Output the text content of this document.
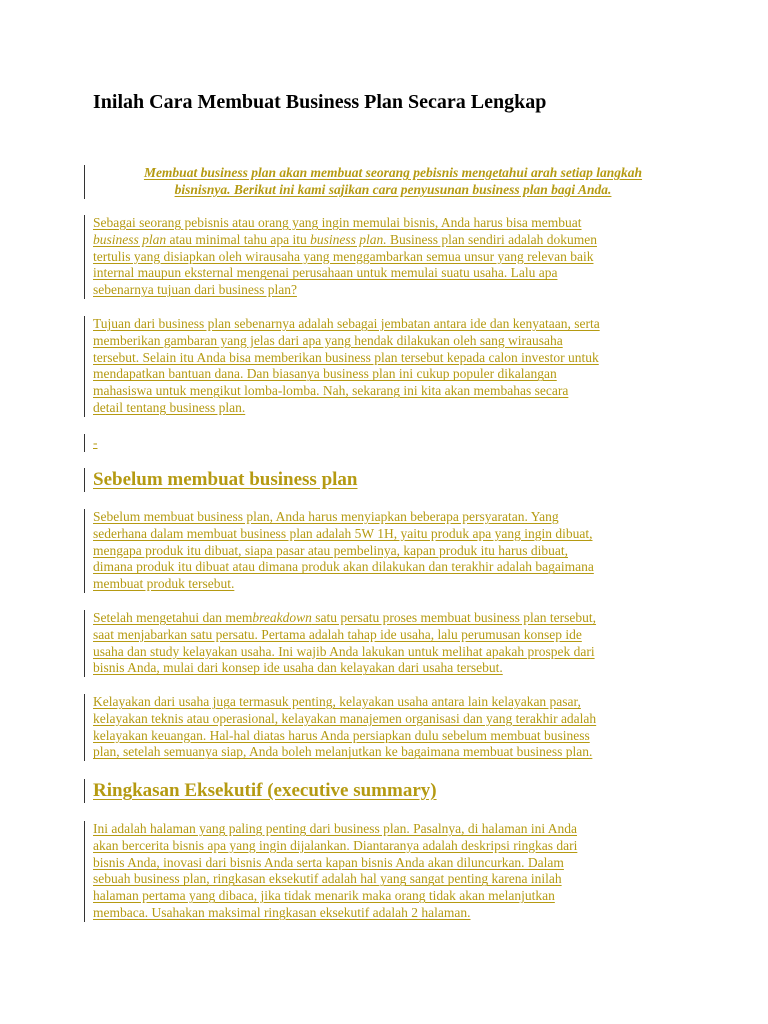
Inilah Cara Membuat Business Plan Secara Lengkap

Membuat business plan akan membuat seorang pebisnis mengetahui arah setiap langkah
bisnisnya. Berikut ini kami sajikan cara penyusunan business plan bagi Anda.

Sebagai seorang pebisnis atau orang yang ingin memulai bisnis, Anda harus bisa membuat
business plan atau minimal tahu apa itu business plan. Business plan sendiri adalah dokumen
tertulis yang disiapkan oleh wirausaha yang menggambarkan semua unsur yang relevan baik
internal maupun eksternal mengenai perusahaan untuk memulai suatu usaha. Lalu apa
sebenarnya tujuan dari business plan?

Tujuan dari business plan sebenarnya adalah sebagai jembatan antara ide dan kenyataan, serta
memberikan gambaran yang jelas dari apa yang hendak dilakukan oleh sang wirausaha
tersebut. Selain itu Anda bisa memberikan business plan tersebut kepada calon investor untuk
mendapatkan bantuan dana. Dan biasanya business plan ini cukup populer dikalangan
mahasiswa untuk mengikut lomba-lomba. Nah, sekarang ini kita akan membahas secara
detail tentang business plan.

-
Sebelum membuat business plan

Sebelum membuat business plan, Anda harus menyiapkan beberapa persyaratan. Yang
sederhana dalam membuat business plan adalah 5W 1H, yaitu produk apa yang ingin dibuat,
mengapa produk itu dibuat, siapa pasar atau pembelinya, kapan produk itu harus dibuat,
dimana produk itu dibuat atau dimana produk akan dilakukan dan terakhir adalah bagaimana
membuat produk tersebut.

Setelah mengetahui dan membreakdown satu persatu proses membuat business plan tersebut,
saat menjabarkan satu persatu. Pertama adalah tahap ide usaha, lalu perumusan konsep ide
usaha dan study kelayakan usaha. Ini wajib Anda lakukan untuk melihat apakah prospek dari
bisnis Anda, mulai dari konsep ide usaha dan kelayakan dari usaha tersebut.

Kelayakan dari usaha juga termasuk penting, kelayakan usaha antara lain kelayakan pasar,
kelayakan teknis atau operasional, kelayakan manajemen organisasi dan yang terakhir adalah
kelayakan keuangan. Hal-hal diatas harus Anda persiapkan dulu sebelum membuat business
plan, setelah semuanya siap, Anda boleh melanjutkan ke bagaimana membuat business plan.

Ringkasan Eksekutif (executive summary)

Ini adalah halaman yang paling penting dari business plan. Pasalnya, di halaman ini Anda
akan bercerita bisnis apa yang ingin dijalankan. Diantaranya adalah deskripsi ringkas dari
bisnis Anda, inovasi dari bisnis Anda serta kapan bisnis Anda akan diluncurkan. Dalam
sebuah business plan, ringkasan eksekutif adalah hal yang sangat penting karena inilah
halaman pertama yang dibaca, jika tidak menarik maka orang tidak akan melanjutkan
membaca. Usahakan maksimal ringkasan eksekutif adalah 2 halaman.
